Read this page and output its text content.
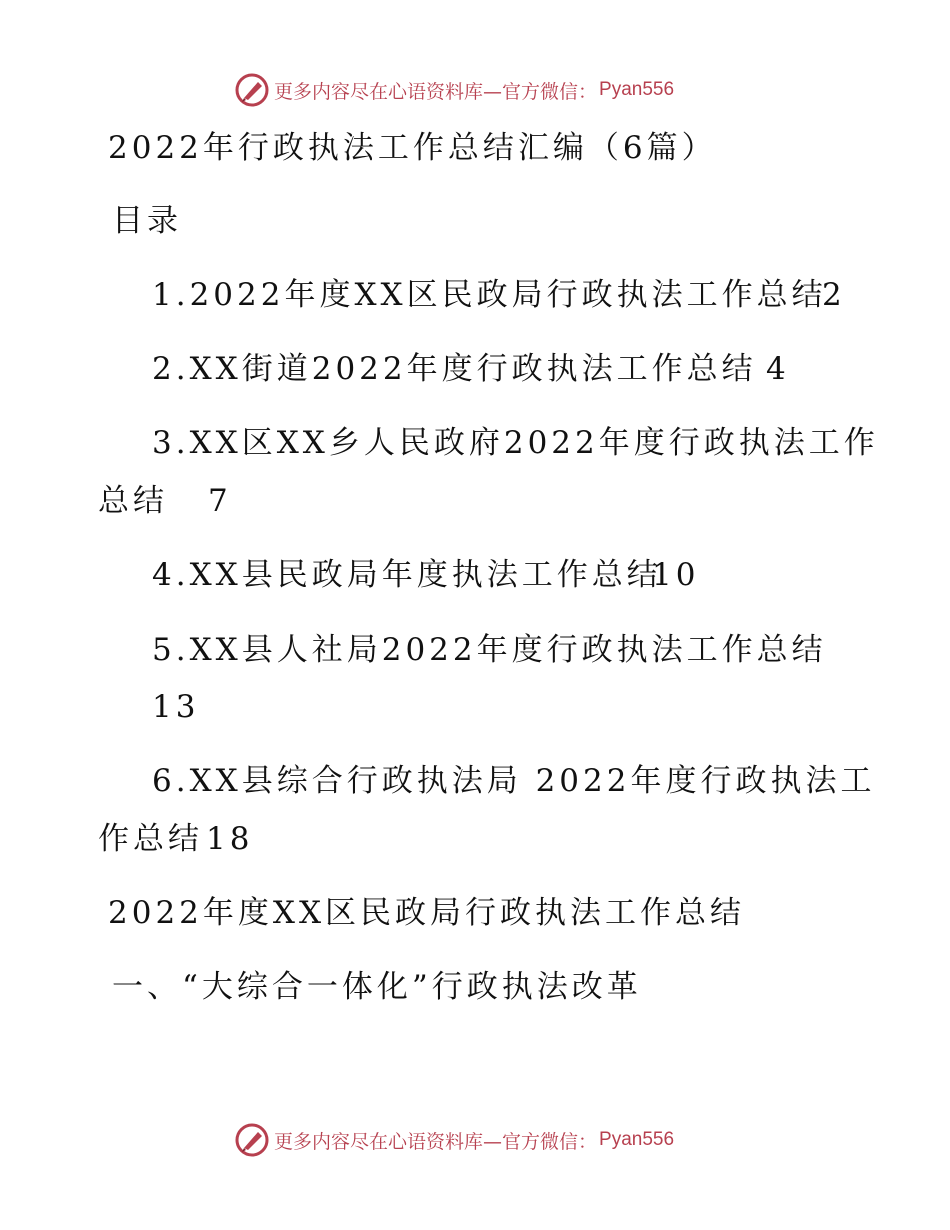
更多内容尽在心语资料库—官方微信： Pyan556
2022年行政执法工作总结汇编（6篇）
目录
1.2022年度XX区民政局行政执法工作总结
2
2.XX街道2022年度行政执法工作总结 4
3.XX区XX乡人民政府2022年度行政执法工作
总结 7
4.XX县民政局年度执法工作总结
10
5.XX县人社局2022年度行政执法工作总结
13
6.XX县综合行政执法局 2022年度行政执法工
作总结 18
2022年度XX区民政局行政执法工作总结
一、“大综合一体化”行政执法改革
更多内容尽在心语资料库—官方微信： Pyan556
